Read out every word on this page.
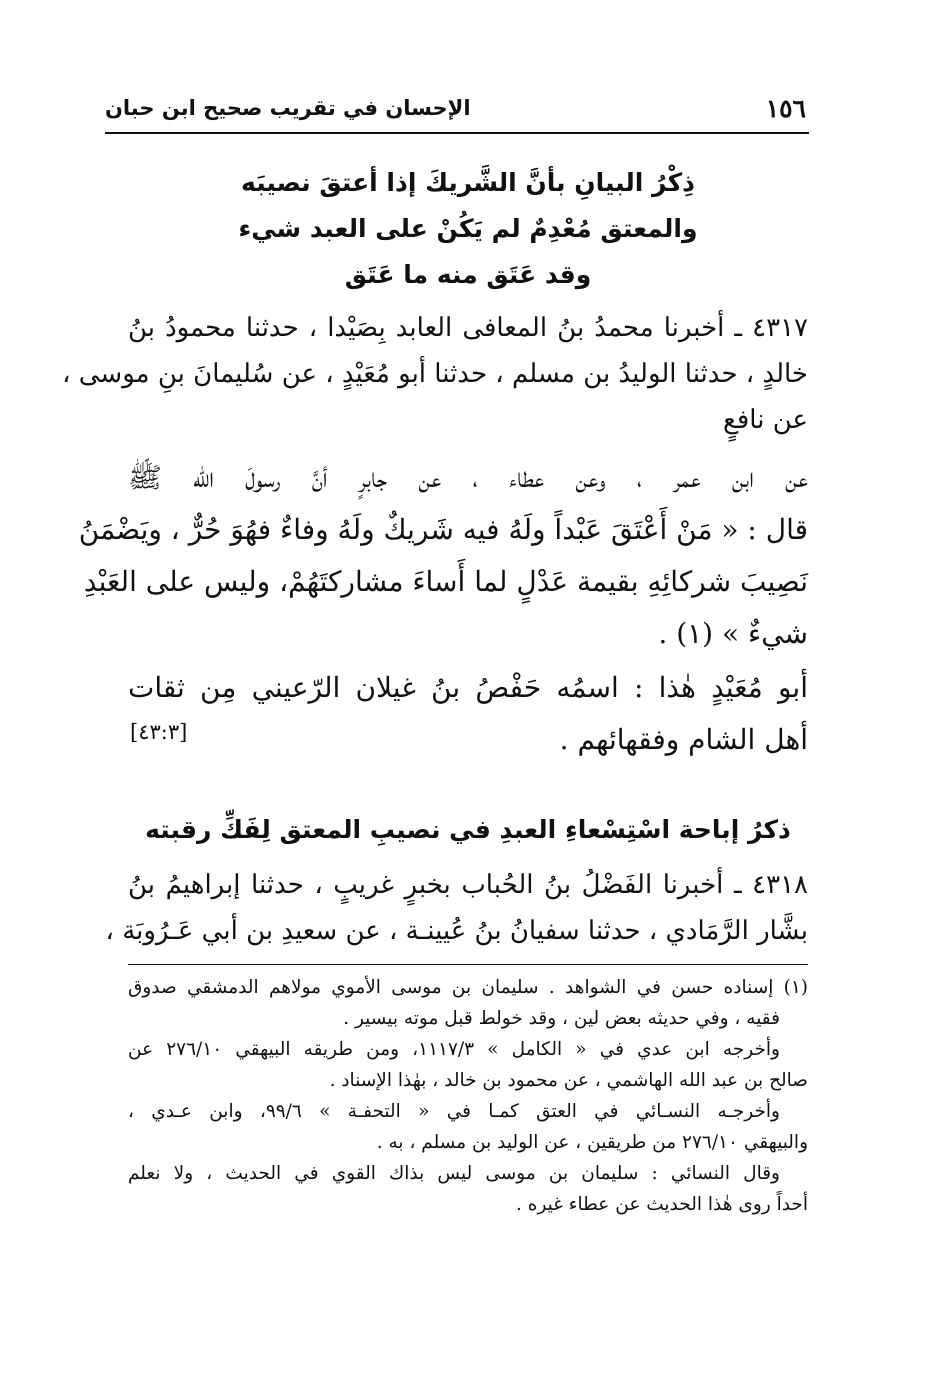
١٥٦
الإحسان في تقريب صحيح ابن حبان
ذِكْرُ البيانِ بأنَّ الشَّريكَ إذا أعتقَ نصيبَه
والمعتق مُعْدِمٌ لم يَكُنْ على العبد شيء
وقد عَتَق منه ما عَتَق
٤٣١٧ ـ أخبرنا محمدُ بنُ المعافى العابد بِصَيْدا ، حدثنا محمودُ بنُ
خالدٍ ، حدثنا الوليدُ بن مسلم ، حدثنا أبو مُعَيْدٍ ، عن سُليمانَ بنِ موسى ،
عن نافعٍ
عن ابن عمر ، وعن عطاء ، عن جابرٍ أنَّ رسولَ اللّه ﷺ
قال : « مَنْ أَعْتَقَ عَبْداً ولَهُ فيه شَريكٌ ولَهُ وفاءٌ فهُوَ حُرٌّ ، ويَضْمَنُ
نَصِيبَ شركائِهِ بقيمة عَدْلٍ لما أَساءَ مشاركتَهُمْ، وليس على العَبْدِ
شيءٌ » (١) .
أبو مُعَيْدٍ هٰذا : اسمُه حَفْصُ بنُ غيلان الرّعيني مِن ثقات
أهل الشام وفقهائهم .
[٤٣:٣]
ذكرُ إباحة اسْتِسْعاءِ العبدِ في نصيبِ المعتق لِفَكِّ رقبته
٤٣١٨ ـ أخبرنا الفَضْلُ بنُ الحُباب بخبرٍ غريبٍ ، حدثنا إبراهيمُ بنُ
بشَّار الرَّمَادي ، حدثنا سفيانُ بنُ عُيينـة ، عن سعيدِ بن أبي عَـرُوبَة ،
(١) إسناده حسن في الشواهد . سليمان بن موسى الأموي مولاهم الدمشقي صدوق
فقيه ، وفي حديثه بعض لين ، وقد خولط قبل موته بيسير .
وأخرجه ابن عدي في « الكامل » ١١١٧/٣، ومن طريقه البيهقي ٢٧٦/١٠ عن
صالح بن عبد الله الهاشمي ، عن محمود بن خالد ، بهٰذا الإسناد .
وأخرجـه النسـائي في العتق كمـا في « التحفـة » ٩٩/٦، وابن عـدي ،
والبيهقي ٢٧٦/١٠ من طريقين ، عن الوليد بن مسلم ، به .
وقال النسائي : سليمان بن موسى ليس بذاك القوي في الحديث ، ولا نعلم
أحداً روى هٰذا الحديث عن عطاء غيره .
